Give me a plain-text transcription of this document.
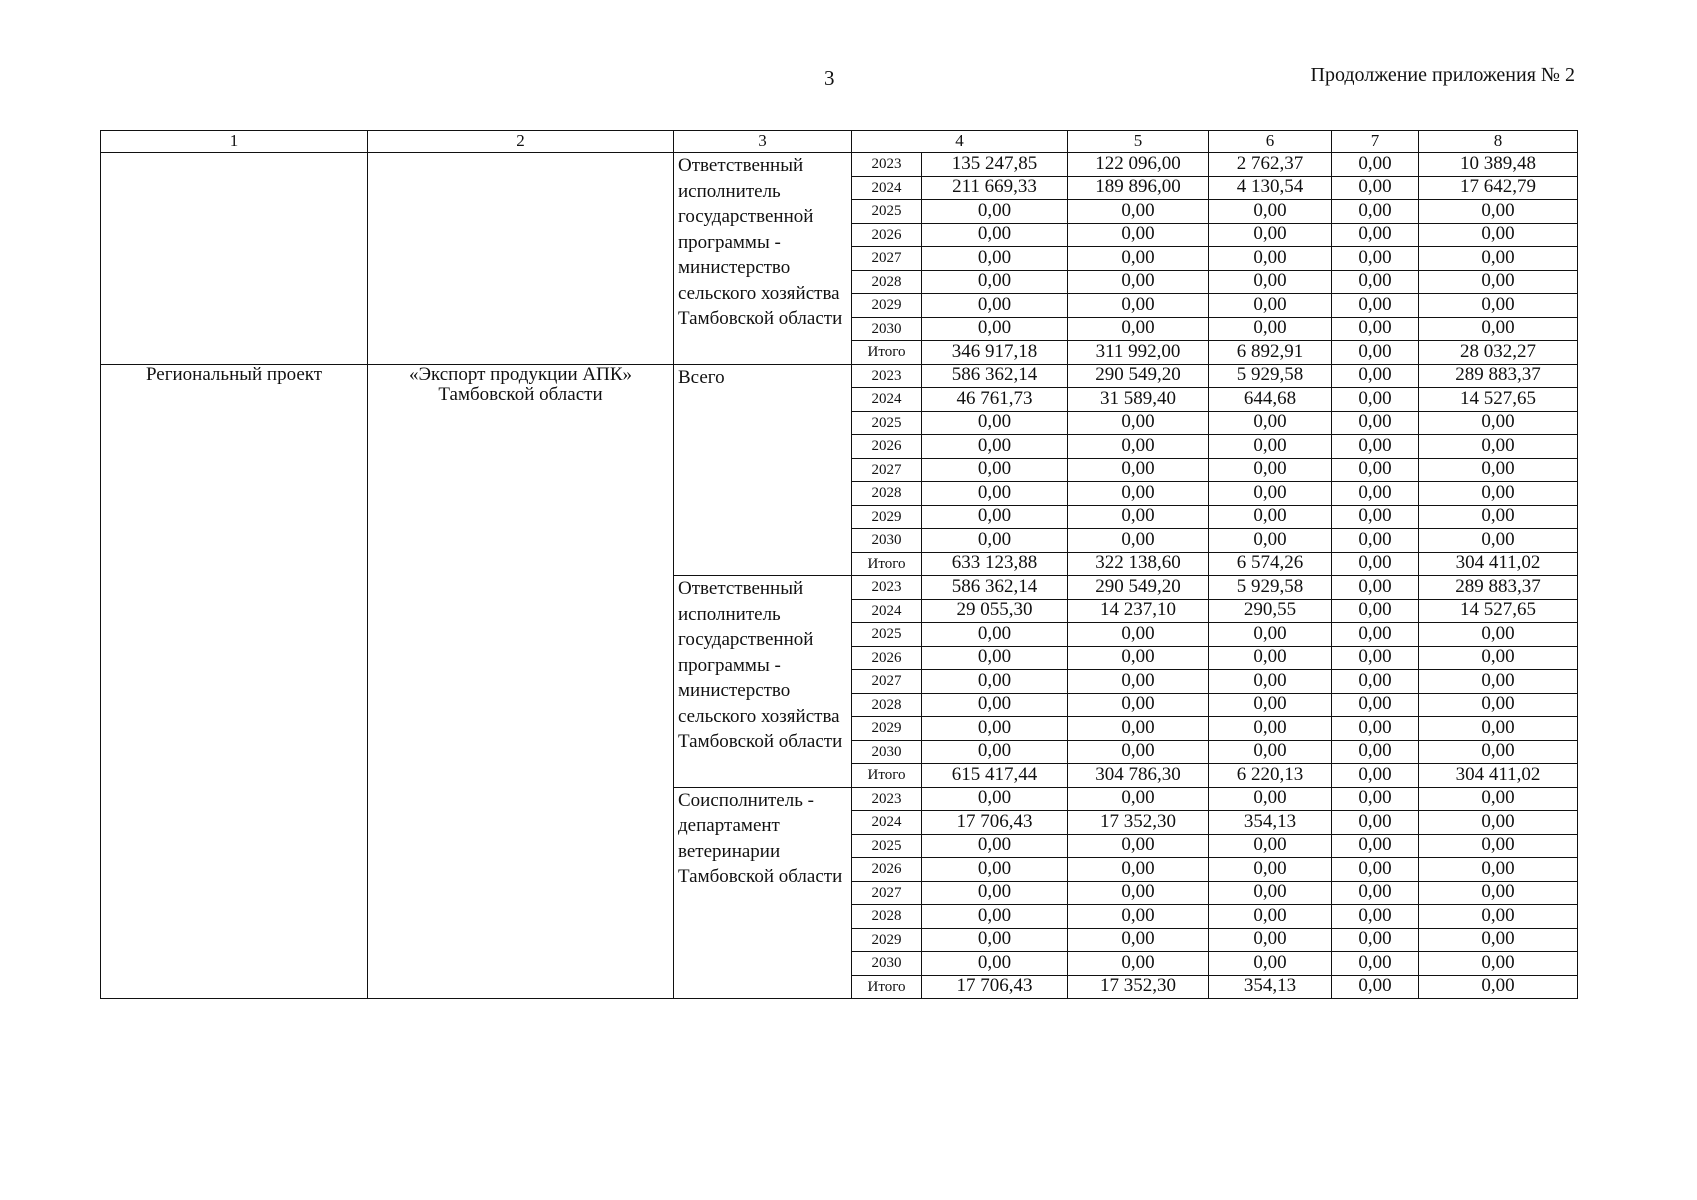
3	Продолжение приложения № 2
1	2	3	4		5	6	7	8
		Ответственный исполнитель государственной программы - министерство сельского хозяйства Тамбовской области	2023	135 247,85	122 096,00	2 762,37	0,00	10 389,48
			2024	211 669,33	189 896,00	4 130,54	0,00	17 642,79
			2025	0,00	0,00	0,00	0,00	0,00
			2026	0,00	0,00	0,00	0,00	0,00
			2027	0,00	0,00	0,00	0,00	0,00
			2028	0,00	0,00	0,00	0,00	0,00
			2029	0,00	0,00	0,00	0,00	0,00
			2030	0,00	0,00	0,00	0,00	0,00
			Итого	346 917,18	311 992,00	6 892,91	0,00	28 032,27
Региональный проект	«Экспорт продукции АПК» Тамбовской области	Всего	2023	586 362,14	290 549,20	5 929,58	0,00	289 883,37
			2024	46 761,73	31 589,40	644,68	0,00	14 527,65
			2025	0,00	0,00	0,00	0,00	0,00
			2026	0,00	0,00	0,00	0,00	0,00
			2027	0,00	0,00	0,00	0,00	0,00
			2028	0,00	0,00	0,00	0,00	0,00
			2029	0,00	0,00	0,00	0,00	0,00
			2030	0,00	0,00	0,00	0,00	0,00
			Итого	633 123,88	322 138,60	6 574,26	0,00	304 411,02
		Ответственный исполнитель государственной программы - министерство сельского хозяйства Тамбовской области	2023	586 362,14	290 549,20	5 929,58	0,00	289 883,37
			2024	29 055,30	14 237,10	290,55	0,00	14 527,65
			2025	0,00	0,00	0,00	0,00	0,00
			2026	0,00	0,00	0,00	0,00	0,00
			2027	0,00	0,00	0,00	0,00	0,00
			2028	0,00	0,00	0,00	0,00	0,00
			2029	0,00	0,00	0,00	0,00	0,00
			2030	0,00	0,00	0,00	0,00	0,00
			Итого	615 417,44	304 786,30	6 220,13	0,00	304 411,02
		Соисполнитель - департамент ветеринарии Тамбовской области	2023	0,00	0,00	0,00	0,00	0,00
			2024	17 706,43	17 352,30	354,13	0,00	0,00
			2025	0,00	0,00	0,00	0,00	0,00
			2026	0,00	0,00	0,00	0,00	0,00
			2027	0,00	0,00	0,00	0,00	0,00
			2028	0,00	0,00	0,00	0,00	0,00
			2029	0,00	0,00	0,00	0,00	0,00
			2030	0,00	0,00	0,00	0,00	0,00
			Итого	17 706,43	17 352,30	354,13	0,00	0,00
